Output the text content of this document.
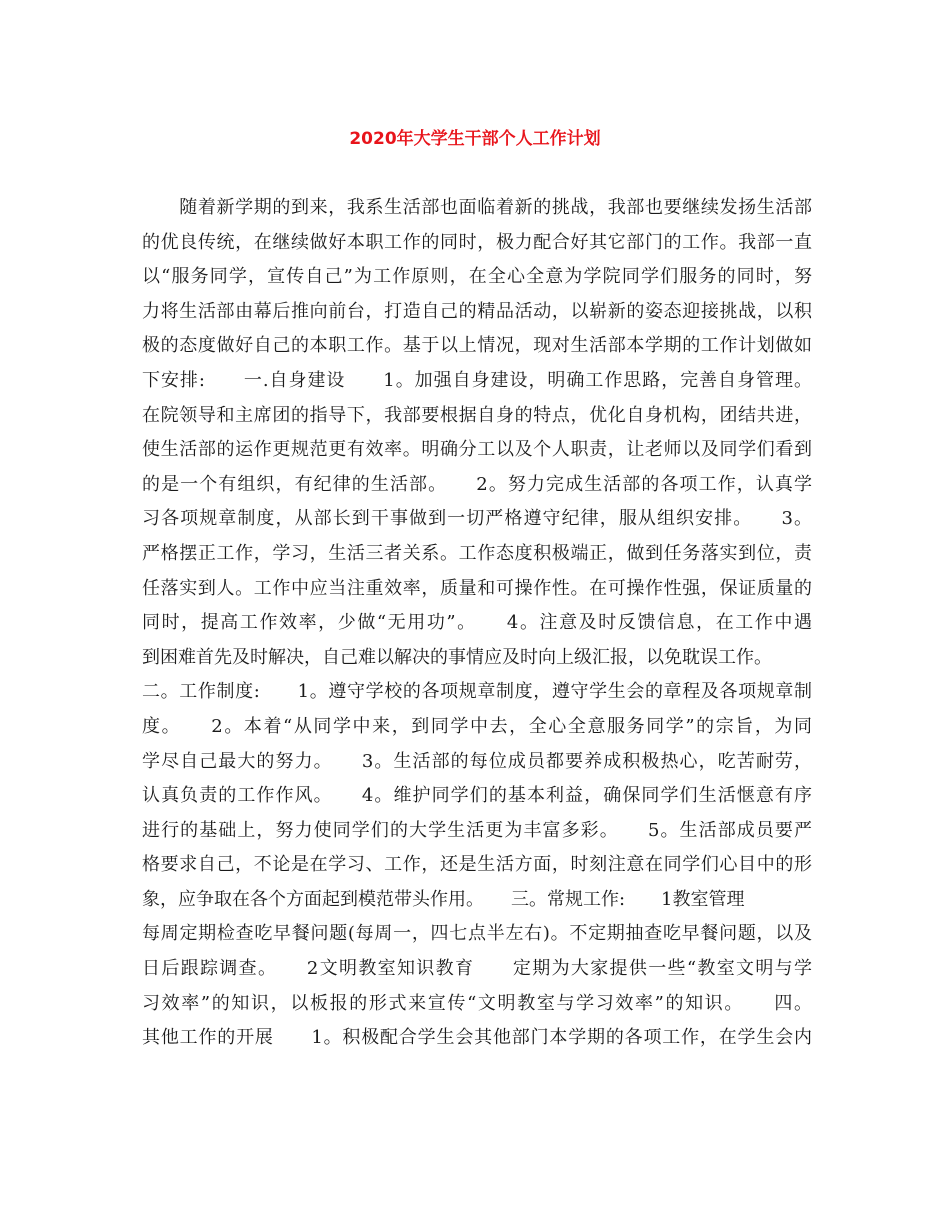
2020年大学生干部个人工作计划
　　随着新学期的到来，我系生活部也面临着新的挑战，我部也要继续发扬生活部
的优良传统，在继续做好本职工作的同时，极力配合好其它部门的工作。我部一直
以“服务同学，宣传自己”为工作原则，在全心全意为学院同学们服务的同时，努
力将生活部由幕后推向前台，打造自己的精品活动，以崭新的姿态迎接挑战，以积
极的态度做好自己的本职工作。基于以上情况，现对生活部本学期的工作计划做如
下安排:　　一.自身建设　　1。加强自身建设，明确工作思路，完善自身管理。
在院领导和主席团的指导下，我部要根据自身的特点，优化自身机构，团结共进，
使生活部的运作更规范更有效率。明确分工以及个人职责，让老师以及同学们看到
的是一个有组织，有纪律的生活部。　　2。努力完成生活部的各项工作，认真学
习各项规章制度，从部长到干事做到一切严格遵守纪律，服从组织安排。　　3。
严格摆正工作，学习，生活三者关系。工作态度积极端正，做到任务落实到位，责
任落实到人。工作中应当注重效率，质量和可操作性。在可操作性强，保证质量的
同时，提高工作效率，少做“无用功”。　　4。注意及时反馈信息，在工作中遇
到困难首先及时解决，自己难以解决的事情应及时向上级汇报，以免耽误工作。
二。工作制度:　　1。遵守学校的各项规章制度，遵守学生会的章程及各项规章制
度。　　2。本着“从同学中来，到同学中去，全心全意服务同学”的宗旨，为同
学尽自己最大的努力。　　3。生活部的每位成员都要养成积极热心，吃苦耐劳，
认真负责的工作作风。　　4。维护同学们的基本利益，确保同学们生活惬意有序
进行的基础上，努力使同学们的大学生活更为丰富多彩。　　5。生活部成员要严
格要求自己，不论是在学习、工作，还是生活方面，时刻注意在同学们心目中的形
象，应争取在各个方面起到模范带头作用。　　三。常规工作:　　1教室管理
每周定期检查吃早餐问题(每周一，四七点半左右)。不定期抽查吃早餐问题，以及
日后跟踪调查。　　2文明教室知识教育　　定期为大家提供一些“教室文明与学
习效率”的知识，以板报的形式来宣传“文明教室与学习效率”的知识。　　四。
其他工作的开展　　1。积极配合学生会其他部门本学期的各项工作，在学生会内
